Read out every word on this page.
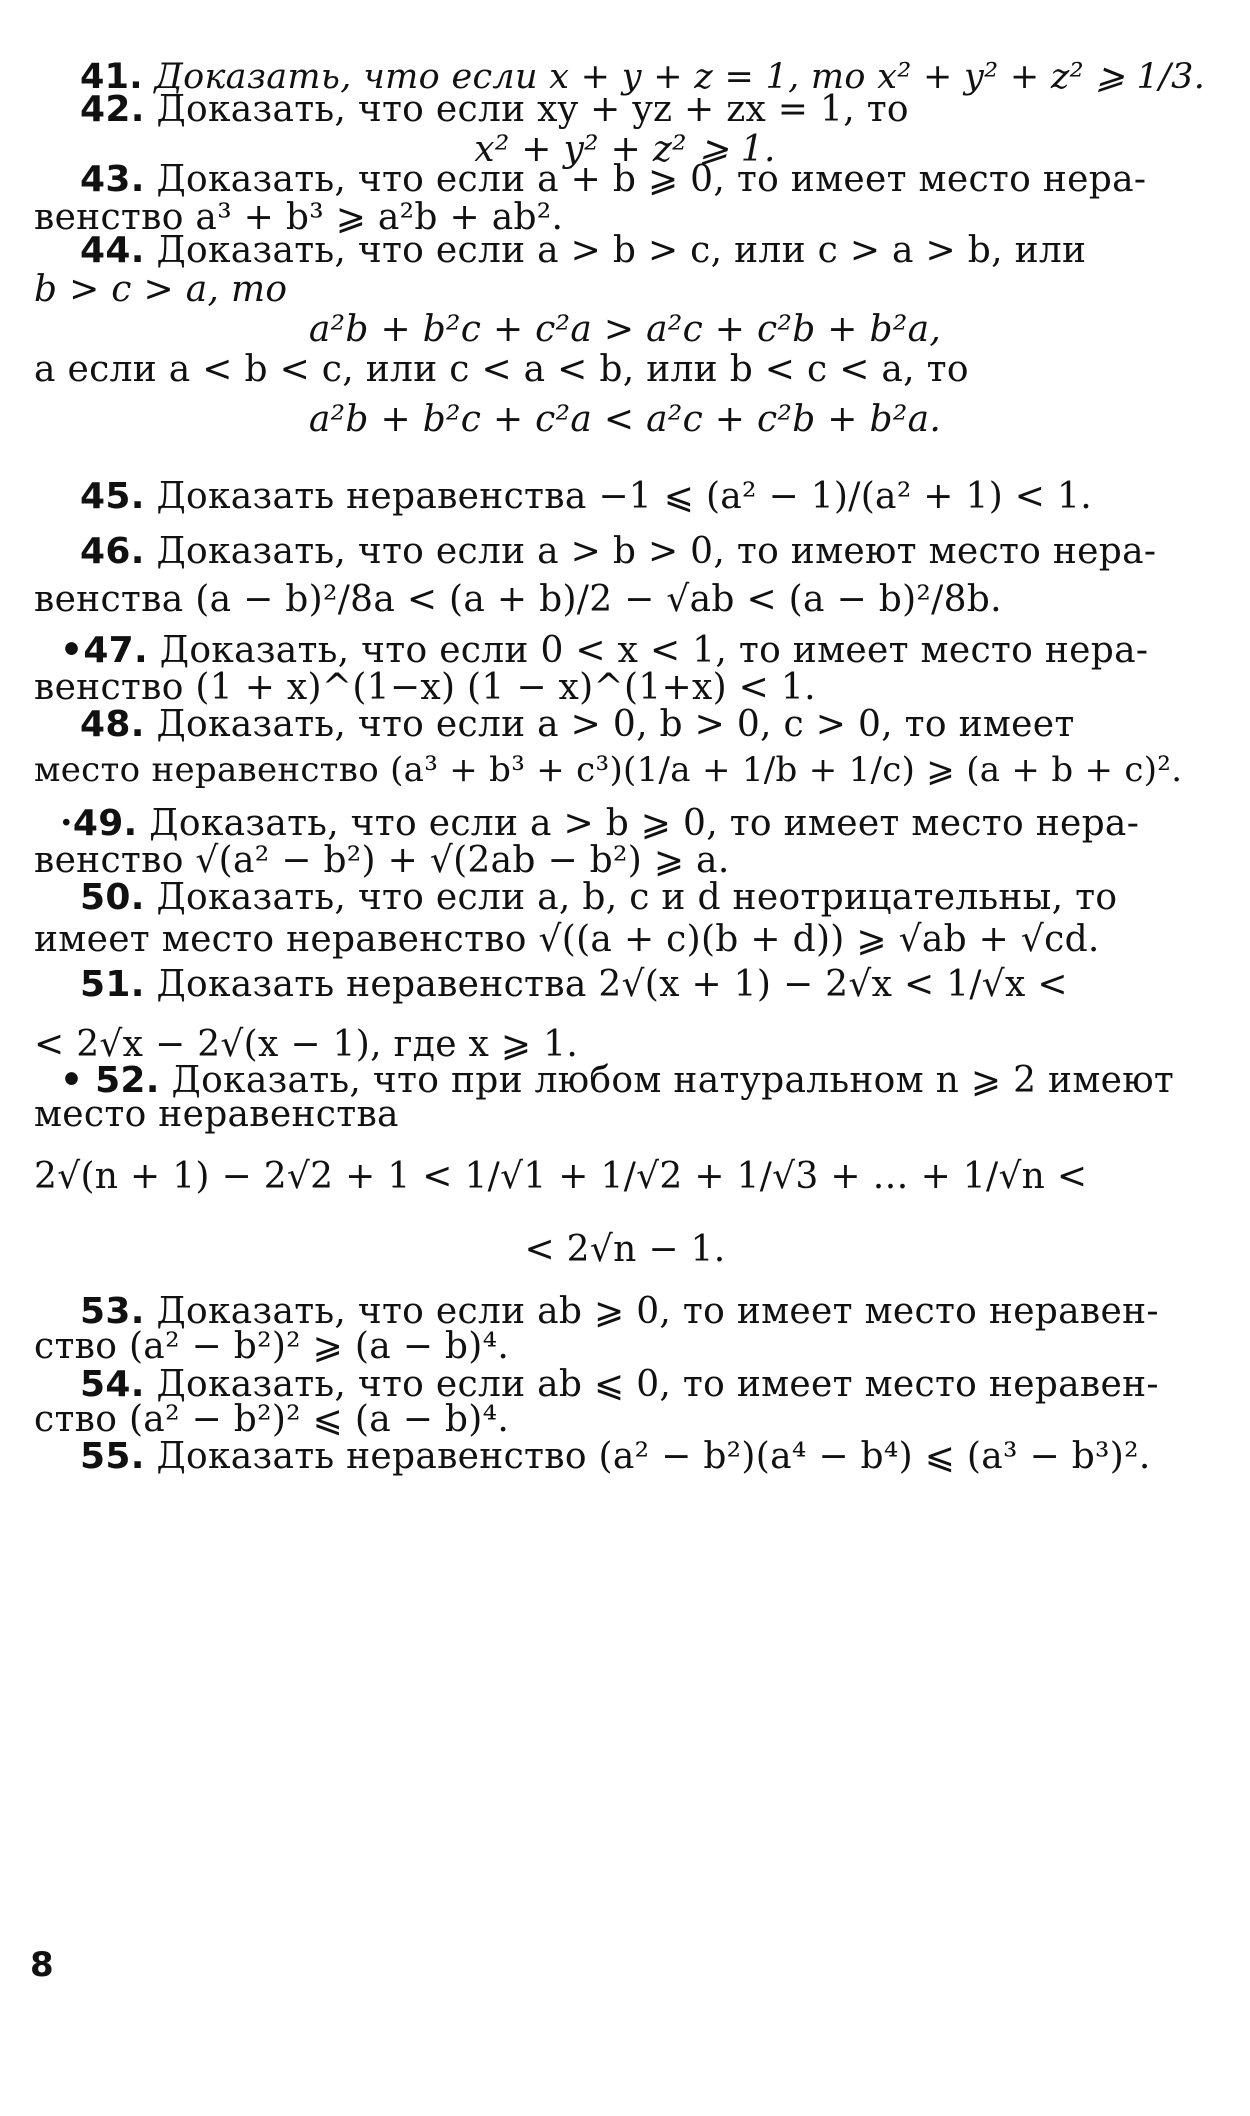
41. Доказать, что если x + y + z = 1, то x² + y² + z² ⩾ 1/3.
42. Доказать, что если xy + yz + zx = 1, то
x² + y² + z² ⩾ 1.
43. Доказать, что если a + b ⩾ 0, то имеет место нера-
венство a³ + b³ ⩾ a²b + ab².
44. Доказать, что если a > b > c, или c > a > b, или
b > c > a, то
a²b + b²c + c²a > a²c + c²b + b²a,
а если a < b < c, или c < a < b, или b < c < a, то
a²b + b²c + c²a < a²c + c²b + b²a.
45. Доказать неравенства −1 ⩽ (a² − 1)/(a² + 1) < 1.
46. Доказать, что если a > b > 0, то имеют место нера-
венства (a − b)²/8a < (a + b)/2 − √ab < (a − b)²/8b.
•47. Доказать, что если 0 < x < 1, то имеет место нера-
венство (1 + x)^(1−x) (1 − x)^(1+x) < 1.
48. Доказать, что если a > 0, b > 0, c > 0, то имеет
место неравенство (a³ + b³ + c³)(1/a + 1/b + 1/c) ⩾ (a + b + c)².
·49. Доказать, что если a > b ⩾ 0, то имеет место нера-
венство √(a² − b²) + √(2ab − b²) ⩾ a.
50. Доказать, что если a, b, c и d неотрицательны, то
имеет место неравенство √((a + c)(b + d)) ⩾ √ab + √cd.
51. Доказать неравенства 2√(x + 1) − 2√x < 1/√x <
< 2√x − 2√(x − 1), где x ⩾ 1.
• 52. Доказать, что при любом натуральном n ⩾ 2 имеют
место неравенства
2√(n + 1) − 2√2 + 1 < 1/√1 + 1/√2 + 1/√3 + … + 1/√n <
< 2√n − 1.
53. Доказать, что если ab ⩾ 0, то имеет место неравен-
ство (a² − b²)² ⩾ (a − b)⁴.
54. Доказать, что если ab ⩽ 0, то имеет место неравен-
ство (a² − b²)² ⩽ (a − b)⁴.
55. Доказать неравенство (a² − b²)(a⁴ − b⁴) ⩽ (a³ − b³)².
8
